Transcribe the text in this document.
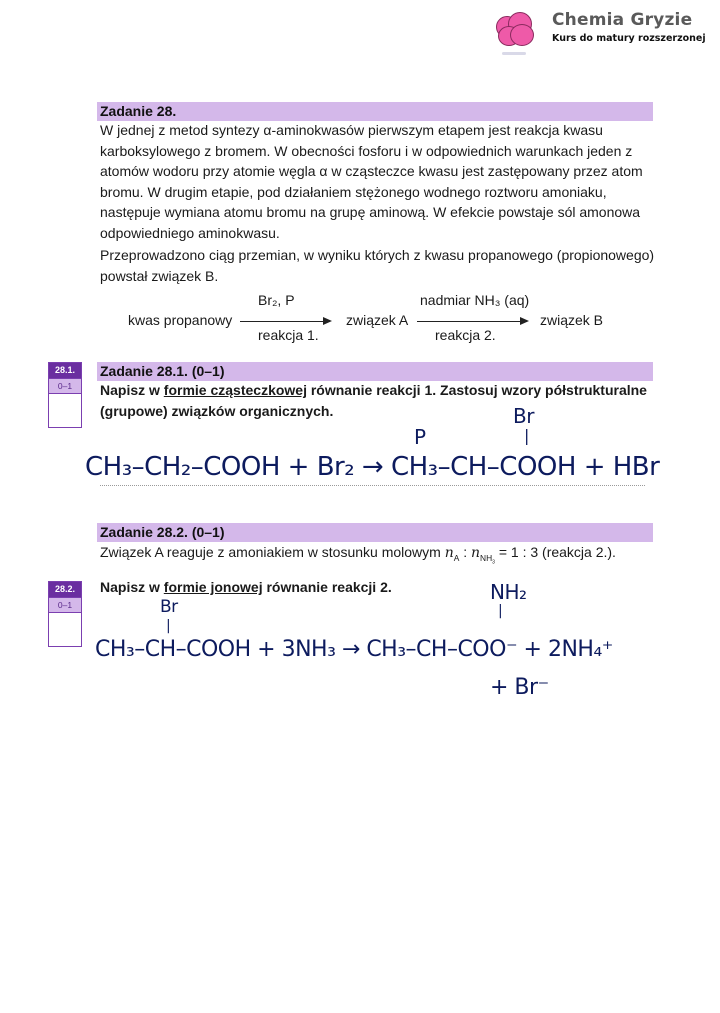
Chemia Gryzie
Kurs do matury rozszerzonej
Zadanie 28.
W jednej z metod syntezy α-aminokwasów pierwszym etapem jest reakcja kwasu karboksylowego z bromem. W obecności fosforu i w odpowiednich warunkach jeden z atomów wodoru przy atomie węgla α w cząsteczce kwasu jest zastępowany przez atom bromu. W drugim etapie, pod działaniem stężonego wodnego roztworu amoniaku, następuje wymiana atomu bromu na grupę aminową. W efekcie powstaje sól amonowa odpowiedniego aminokwasu.
Przeprowadzono ciąg przemian, w wyniku których z kwasu propanowego (propionowego) powstał związek B.
kwas propanowy
Br₂, P
reakcja 1.
związek A
nadmiar NH₃ (aq)
reakcja 2.
związek B
28.1.
0–1
Zadanie 28.1. (0–1)
Napisz w formie cząsteczkowej równanie reakcji 1. Zastosuj wzory półstrukturalne (grupowe) związków organicznych.	Br
|
P
CH₃–CH₂–COOH + Br₂ → CH₃–CH–COOH + HBr
Zadanie 28.2. (0–1)
Związek A reaguje z amoniakiem w stosunku molowym $n_A$ : $n_{NH_3} = 1$ : 3 (reakcja 2.).
28.2.
0–1
Napisz w formie jonowej równanie reakcji 2.	NH₂
|
Br
|
CH₃–CH–COOH + 3NH₃ → CH₃–CH–COO⁻ + 2NH₄⁺
+ Br⁻
